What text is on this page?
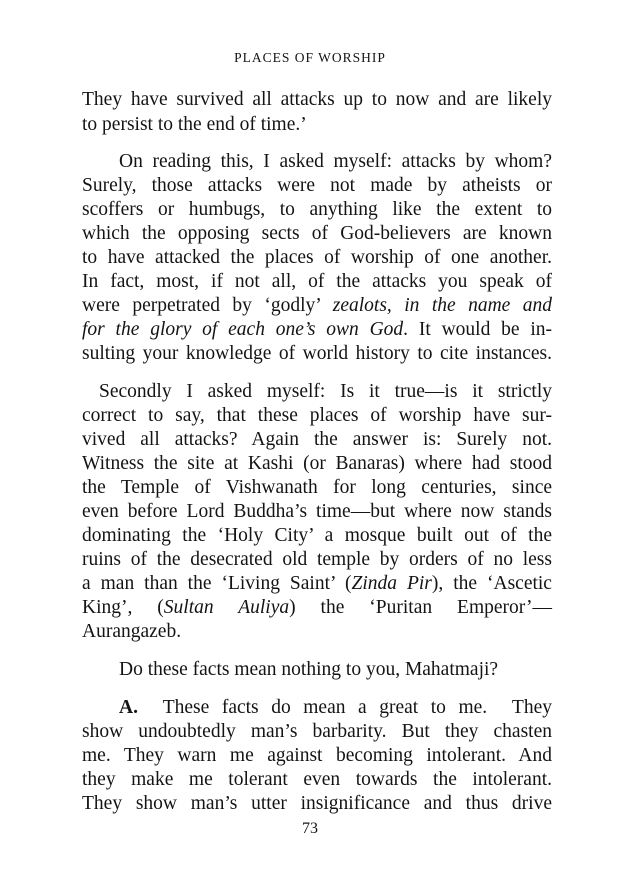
PLACES OF WORSHIP
They have survived all attacks up to now and are likely
to persist to the end of time.’
On reading this, I asked myself: attacks by whom?
Surely, those attacks were not made by atheists or
scoffers or humbugs, to anything like the extent to
which the opposing sects of God-believers are known
to have attacked the places of worship of one another.
In fact, most, if not all, of the attacks you speak of
were perpetrated by ‘godly’ zealots, in the name and
for the glory of each one’s own God. It would be in-
sulting your knowledge of world history to cite instances.
Secondly I asked myself: Is it true—is it strictly
correct to say, that these places of worship have sur-
vived all attacks? Again the answer is: Surely not.
Witness the site at Kashi (or Banaras) where had stood
the Temple of Vishwanath for long centuries, since
even before Lord Buddha’s time—but where now stands
dominating the ‘Holy City’ a mosque built out of the
ruins of the desecrated old temple by orders of no less
a man than the ‘Living Saint’ (Zinda Pir), the ‘Ascetic
King’,  (Sultan  Auliya)  the  ‘Puritan  Emperor’—
Aurangazeb.
Do these facts mean nothing to you, Mahatmaji?
A.  These facts do mean a great to me.  They
show undoubtedly man’s barbarity. But they chasten
me. They warn me against becoming intolerant. And
they make me tolerant even towards the intolerant.
They show man’s utter insignificance and thus drive
73
